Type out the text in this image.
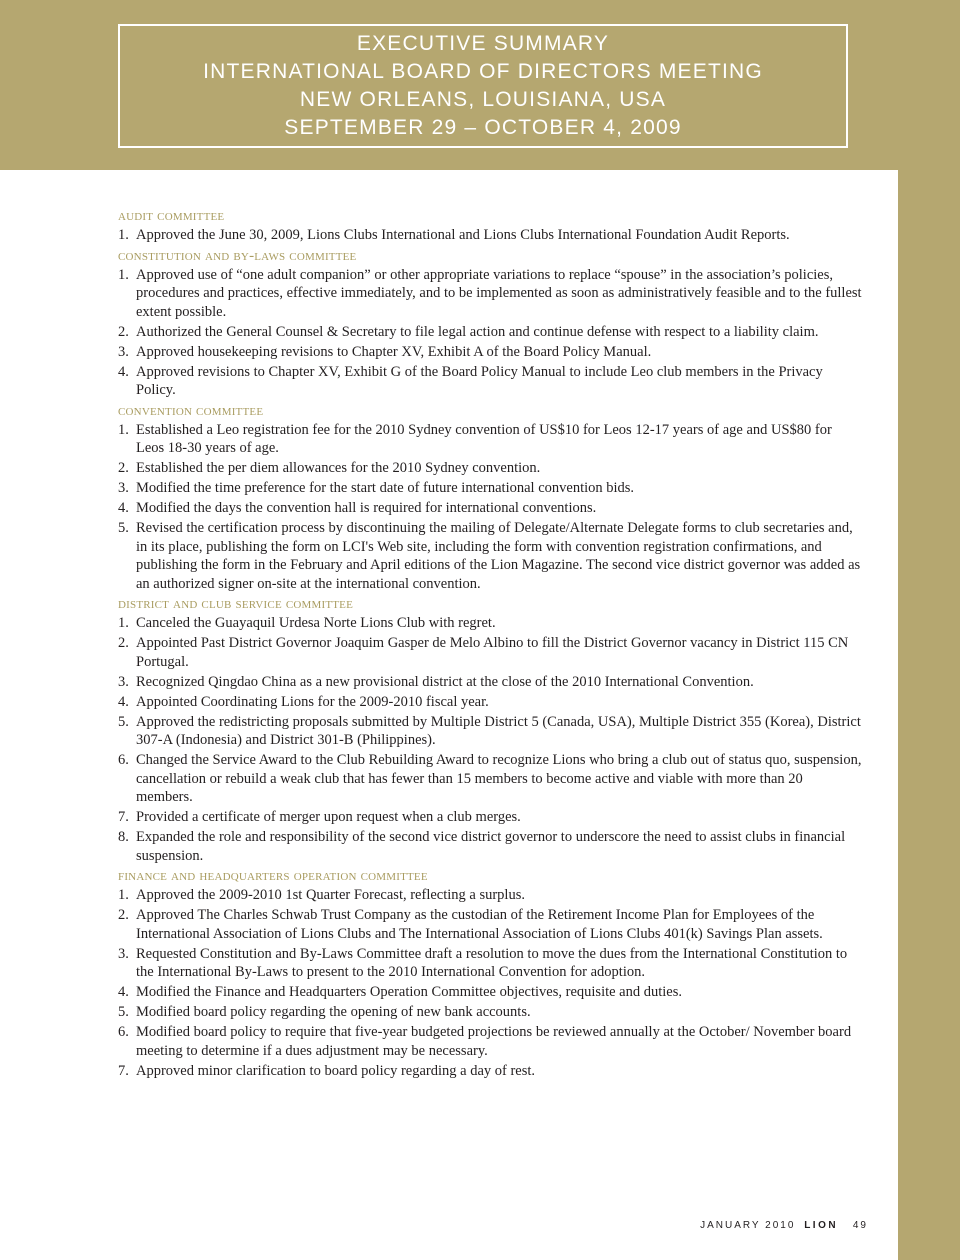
EXECUTIVE SUMMARY
INTERNATIONAL BOARD OF DIRECTORS MEETING
NEW ORLEANS, LOUISIANA, USA
SEPTEMBER 29 – OCTOBER 4, 2009
audit committee
1. Approved the June 30, 2009, Lions Clubs International and Lions Clubs International Foundation Audit Reports.
constitution and by-laws committee
1. Approved use of “one adult companion” or other appropriate variations to replace “spouse” in the association’s policies, procedures and practices, effective immediately, and to be implemented as soon as administratively feasible and to the fullest extent possible.
2. Authorized the General Counsel & Secretary to file legal action and continue defense with respect to a liability claim.
3. Approved housekeeping revisions to Chapter XV, Exhibit A of the Board Policy Manual.
4. Approved revisions to Chapter XV, Exhibit G of the Board Policy Manual to include Leo club members in the Privacy Policy.
convention committee
1. Established a Leo registration fee for the 2010 Sydney convention of US$10 for Leos 12-17 years of age and US$80 for Leos 18-30 years of age.
2. Established the per diem allowances for the 2010 Sydney convention.
3. Modified the time preference for the start date of future international convention bids.
4. Modified the days the convention hall is required for international conventions.
5. Revised the certification process by discontinuing the mailing of Delegate/Alternate Delegate forms to club secretaries and, in its place, publishing the form on LCI's Web site, including the form with convention registration confirmations, and publishing the form in the February and April editions of the Lion Magazine. The second vice district governor was added as an authorized signer on-site at the international convention.
district and club service committee
1. Canceled the Guayaquil Urdesa Norte Lions Club with regret.
2. Appointed Past District Governor Joaquim Gasper de Melo Albino to fill the District Governor vacancy in District 115 CN Portugal.
3. Recognized Qingdao China as a new provisional district at the close of the 2010 International Convention.
4. Appointed Coordinating Lions for the 2009-2010 fiscal year.
5. Approved the redistricting proposals submitted by Multiple District 5 (Canada, USA), Multiple District 355 (Korea), District 307-A (Indonesia) and District 301-B (Philippines).
6. Changed the Service Award to the Club Rebuilding Award to recognize Lions who bring a club out of status quo, suspension, cancellation or rebuild a weak club that has fewer than 15 members to become active and viable with more than 20 members.
7. Provided a certificate of merger upon request when a club merges.
8. Expanded the role and responsibility of the second vice district governor to underscore the need to assist clubs in financial suspension.
finance and headquarters operation committee
1. Approved the 2009-2010 1st Quarter Forecast, reflecting a surplus.
2. Approved The Charles Schwab Trust Company as the custodian of the Retirement Income Plan for Employees of the International Association of Lions Clubs and The International Association of Lions Clubs 401(k) Savings Plan assets.
3. Requested Constitution and By-Laws Committee draft a resolution to move the dues from the International Constitution to the International By-Laws to present to the 2010 International Convention for adoption.
4. Modified the Finance and Headquarters Operation Committee objectives, requisite and duties.
5. Modified board policy regarding the opening of new bank accounts.
6. Modified board policy to require that five-year budgeted projections be reviewed annually at the October/ November board meeting to determine if a dues adjustment may be necessary.
7. Approved minor clarification to board policy regarding a day of rest.
JANUARY 2010 LION 49
